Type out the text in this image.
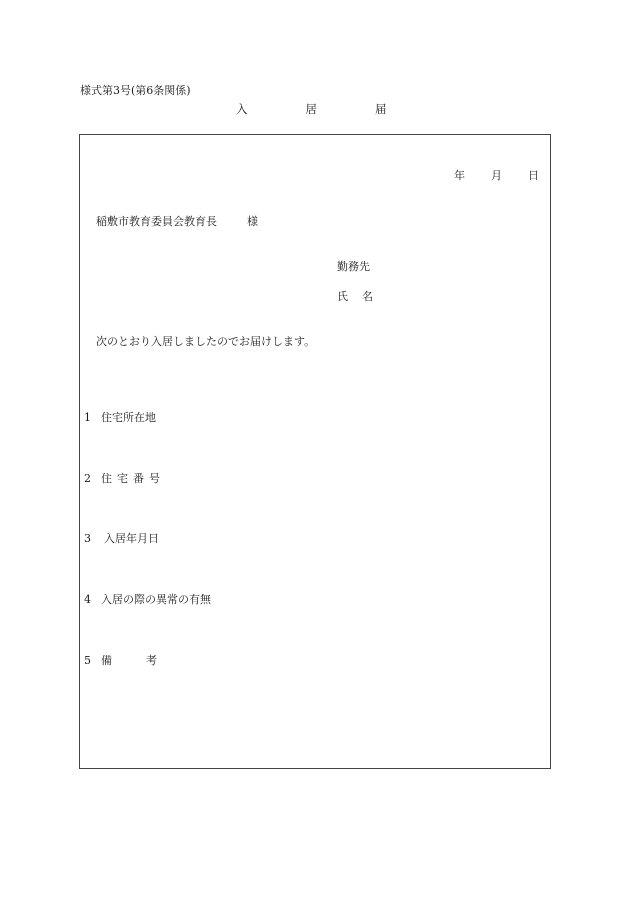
様式第3号(第6条関係)
入	居	届
年 月 日
稲敷市教育委員会教育長	様
勤務先
氏 名
次のとおり入居しましたのでお届けします。
1 住宅所在地
2 住宅番号
3 入居年月日
4 入居の際の異常の有無
5 備	考
